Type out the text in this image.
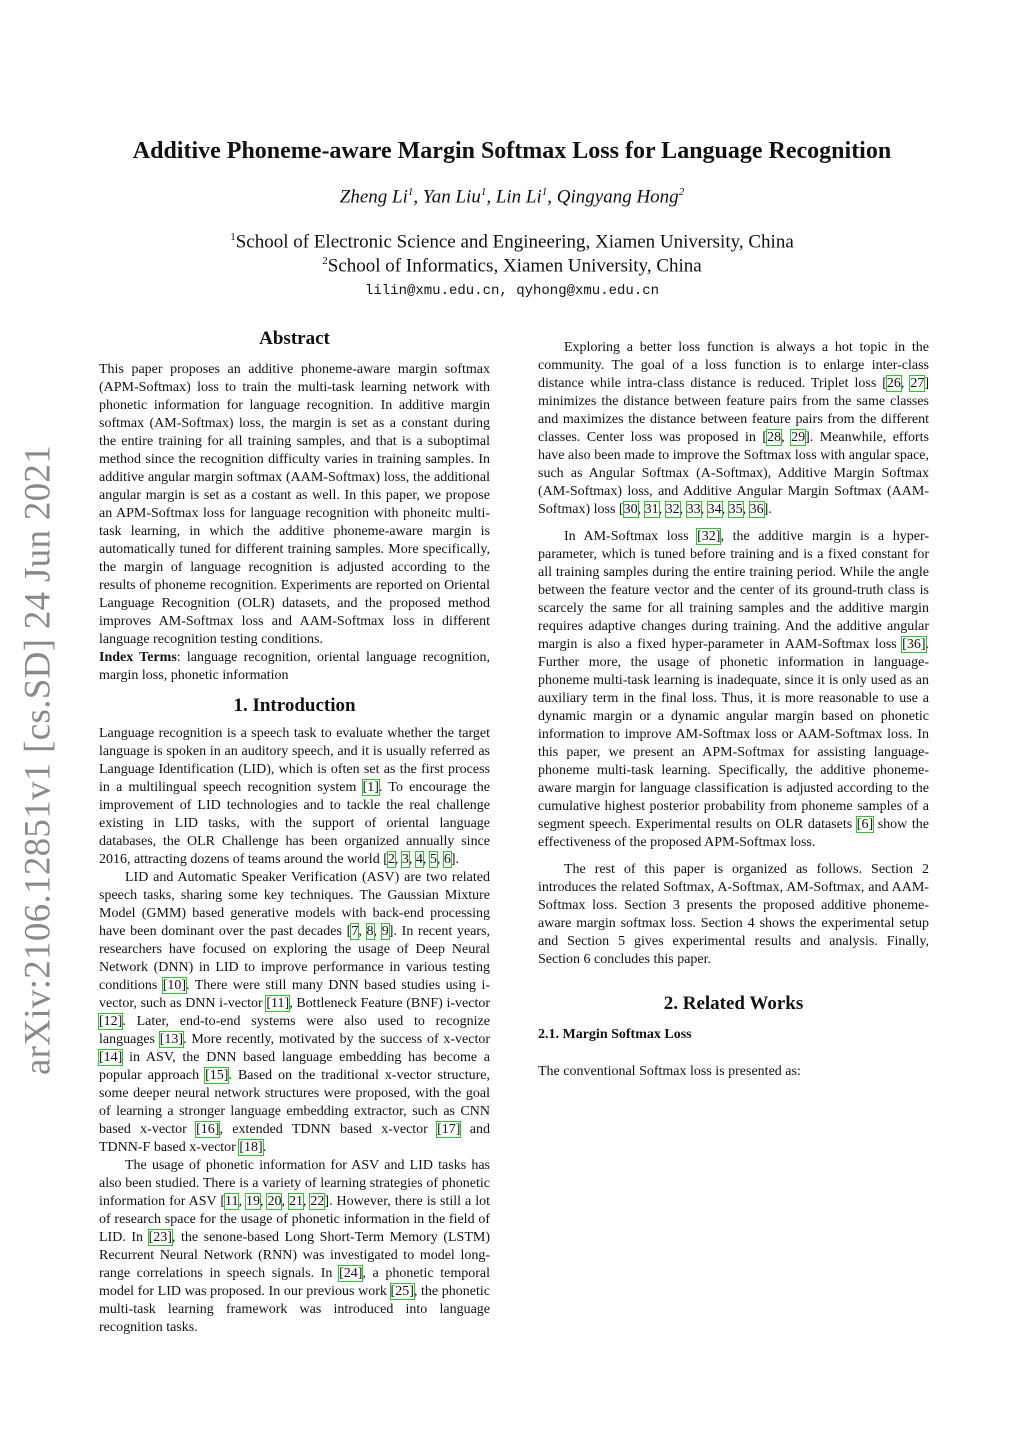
arXiv:2106.12851v1 [cs.SD] 24 Jun 2021
Additive Phoneme-aware Margin Softmax Loss for Language Recognition
Zheng Li$^1$, Yan Liu$^1$, Lin Li$^1$, Qingyang Hong$^2$
$^1$School of Electronic Science and Engineering, Xiamen University, China
$^2$School of Informatics, Xiamen University, China
lilin@xmu.edu.cn, qyhong@xmu.edu.cn
Abstract

This paper proposes an additive phoneme-aware margin softmax (APM-Softmax) loss to train the multi-task learning network with phonetic information for language recognition. In additive margin softmax (AM-Softmax) loss, the margin is set as a constant during the entire training for all training samples, and that is a suboptimal method since the recognition difficulty varies in training samples. In additive angular margin softmax (AAM-Softmax) loss, the additional angular margin is set as a costant as well. In this paper, we propose an APM-Softmax loss for language recognition with phoneitc multi-task learning, in which the additive phoneme-aware margin is automatically tuned for different training samples. More specifically, the margin of language recognition is adjusted according to the results of phoneme recognition. Experiments are reported on Oriental Language Recognition (OLR) datasets, and the proposed method improves AM-Softmax loss and AAM-Softmax loss in different language recognition testing conditions.

Index Terms: language recognition, oriental language recognition, margin loss, phonetic information

1. Introduction

Language recognition is a speech task to evaluate whether the target language is spoken in an auditory speech, and it is usually referred as Language Identification (LID), which is often set as the first process in a multilingual speech recognition system [1]. To encourage the improvement of LID technologies and to tackle the real challenge existing in LID tasks, with the support of oriental language databases, the OLR Challenge has been organized annually since 2016, attracting dozens of teams around the world [2, 3, 4, 5, 6].

LID and Automatic Speaker Verification (ASV) are two related speech tasks, sharing some key techniques. The Gaussian Mixture Model (GMM) based generative models with back-end processing have been dominant over the past decades [7, 8, 9]. In recent years, researchers have focused on exploring the usage of Deep Neural Network (DNN) in LID to improve performance in various testing conditions [10]. There were still many DNN based studies using i-vector, such as DNN i-vector [11], Bottleneck Feature (BNF) i-vector [12]. Later, end-to-end systems were also used to recognize languages [13]. More recently, motivated by the success of x-vector [14] in ASV, the DNN based language embedding has become a popular approach [15]. Based on the traditional x-vector structure, some deeper neural network structures were proposed, with the goal of learning a stronger language embedding extractor, such as CNN based x-vector [16], extended TDNN based x-vector [17] and TDNN-F based x-vector [18].

The usage of phonetic information for ASV and LID tasks has also been studied. There is a variety of learning strategies of phonetic information for ASV [11, 19, 20, 21, 22]. However, there is still a lot of research space for the usage of phonetic information in the field of LID. In [23], the senone-based Long Short-Term Memory (LSTM) Recurrent Neural Network (RNN) was investigated to model long-range correlations in speech signals. In [24], a phonetic temporal model for LID was proposed. In our previous work [25], the phonetic multi-task learning framework was introduced into language recognition tasks.

Exploring a better loss function is always a hot topic in the community. The goal of a loss function is to enlarge inter-class distance while intra-class distance is reduced. Triplet loss [26, 27] minimizes the distance between feature pairs from the same classes and maximizes the distance between feature pairs from the different classes. Center loss was proposed in [28, 29]. Meanwhile, efforts have also been made to improve the Softmax loss with angular space, such as Angular Softmax (A-Softmax), Additive Margin Softmax (AM-Softmax) loss, and Additive Angular Margin Softmax (AAM-Softmax) loss [30, 31, 32, 33, 34, 35, 36].

In AM-Softmax loss [32], the additive margin is a hyper-parameter, which is tuned before training and is a fixed constant for all training samples during the entire training period. While the angle between the feature vector and the center of its ground-truth class is scarcely the same for all training samples and the additive margin requires adaptive changes during training. And the additive angular margin is also a fixed hyper-parameter in AAM-Softmax loss [36]. Further more, the usage of phonetic information in language-phoneme multi-task learning is inadequate, since it is only used as an auxiliary term in the final loss. Thus, it is more reasonable to use a dynamic margin or a dynamic angular margin based on phonetic information to improve AM-Softmax loss or AAM-Softmax loss. In this paper, we present an APM-Softmax for assisting language-phoneme multi-task learning. Specifically, the additive phoneme-aware margin for language classification is adjusted according to the cumulative highest posterior probability from phoneme samples of a segment speech. Experimental results on OLR datasets [6] show the effectiveness of the proposed APM-Softmax loss.

The rest of this paper is organized as follows. Section 2 introduces the related Softmax, A-Softmax, AM-Softmax, and AAM-Softmax loss. Section 3 presents the proposed additive phoneme-aware margin softmax loss. Section 4 shows the experimental setup and Section 5 gives experimental results and analysis. Finally, Section 6 concludes this paper.

2. Related Works
2.1. Margin Softmax Loss

The conventional Softmax loss is presented as:
